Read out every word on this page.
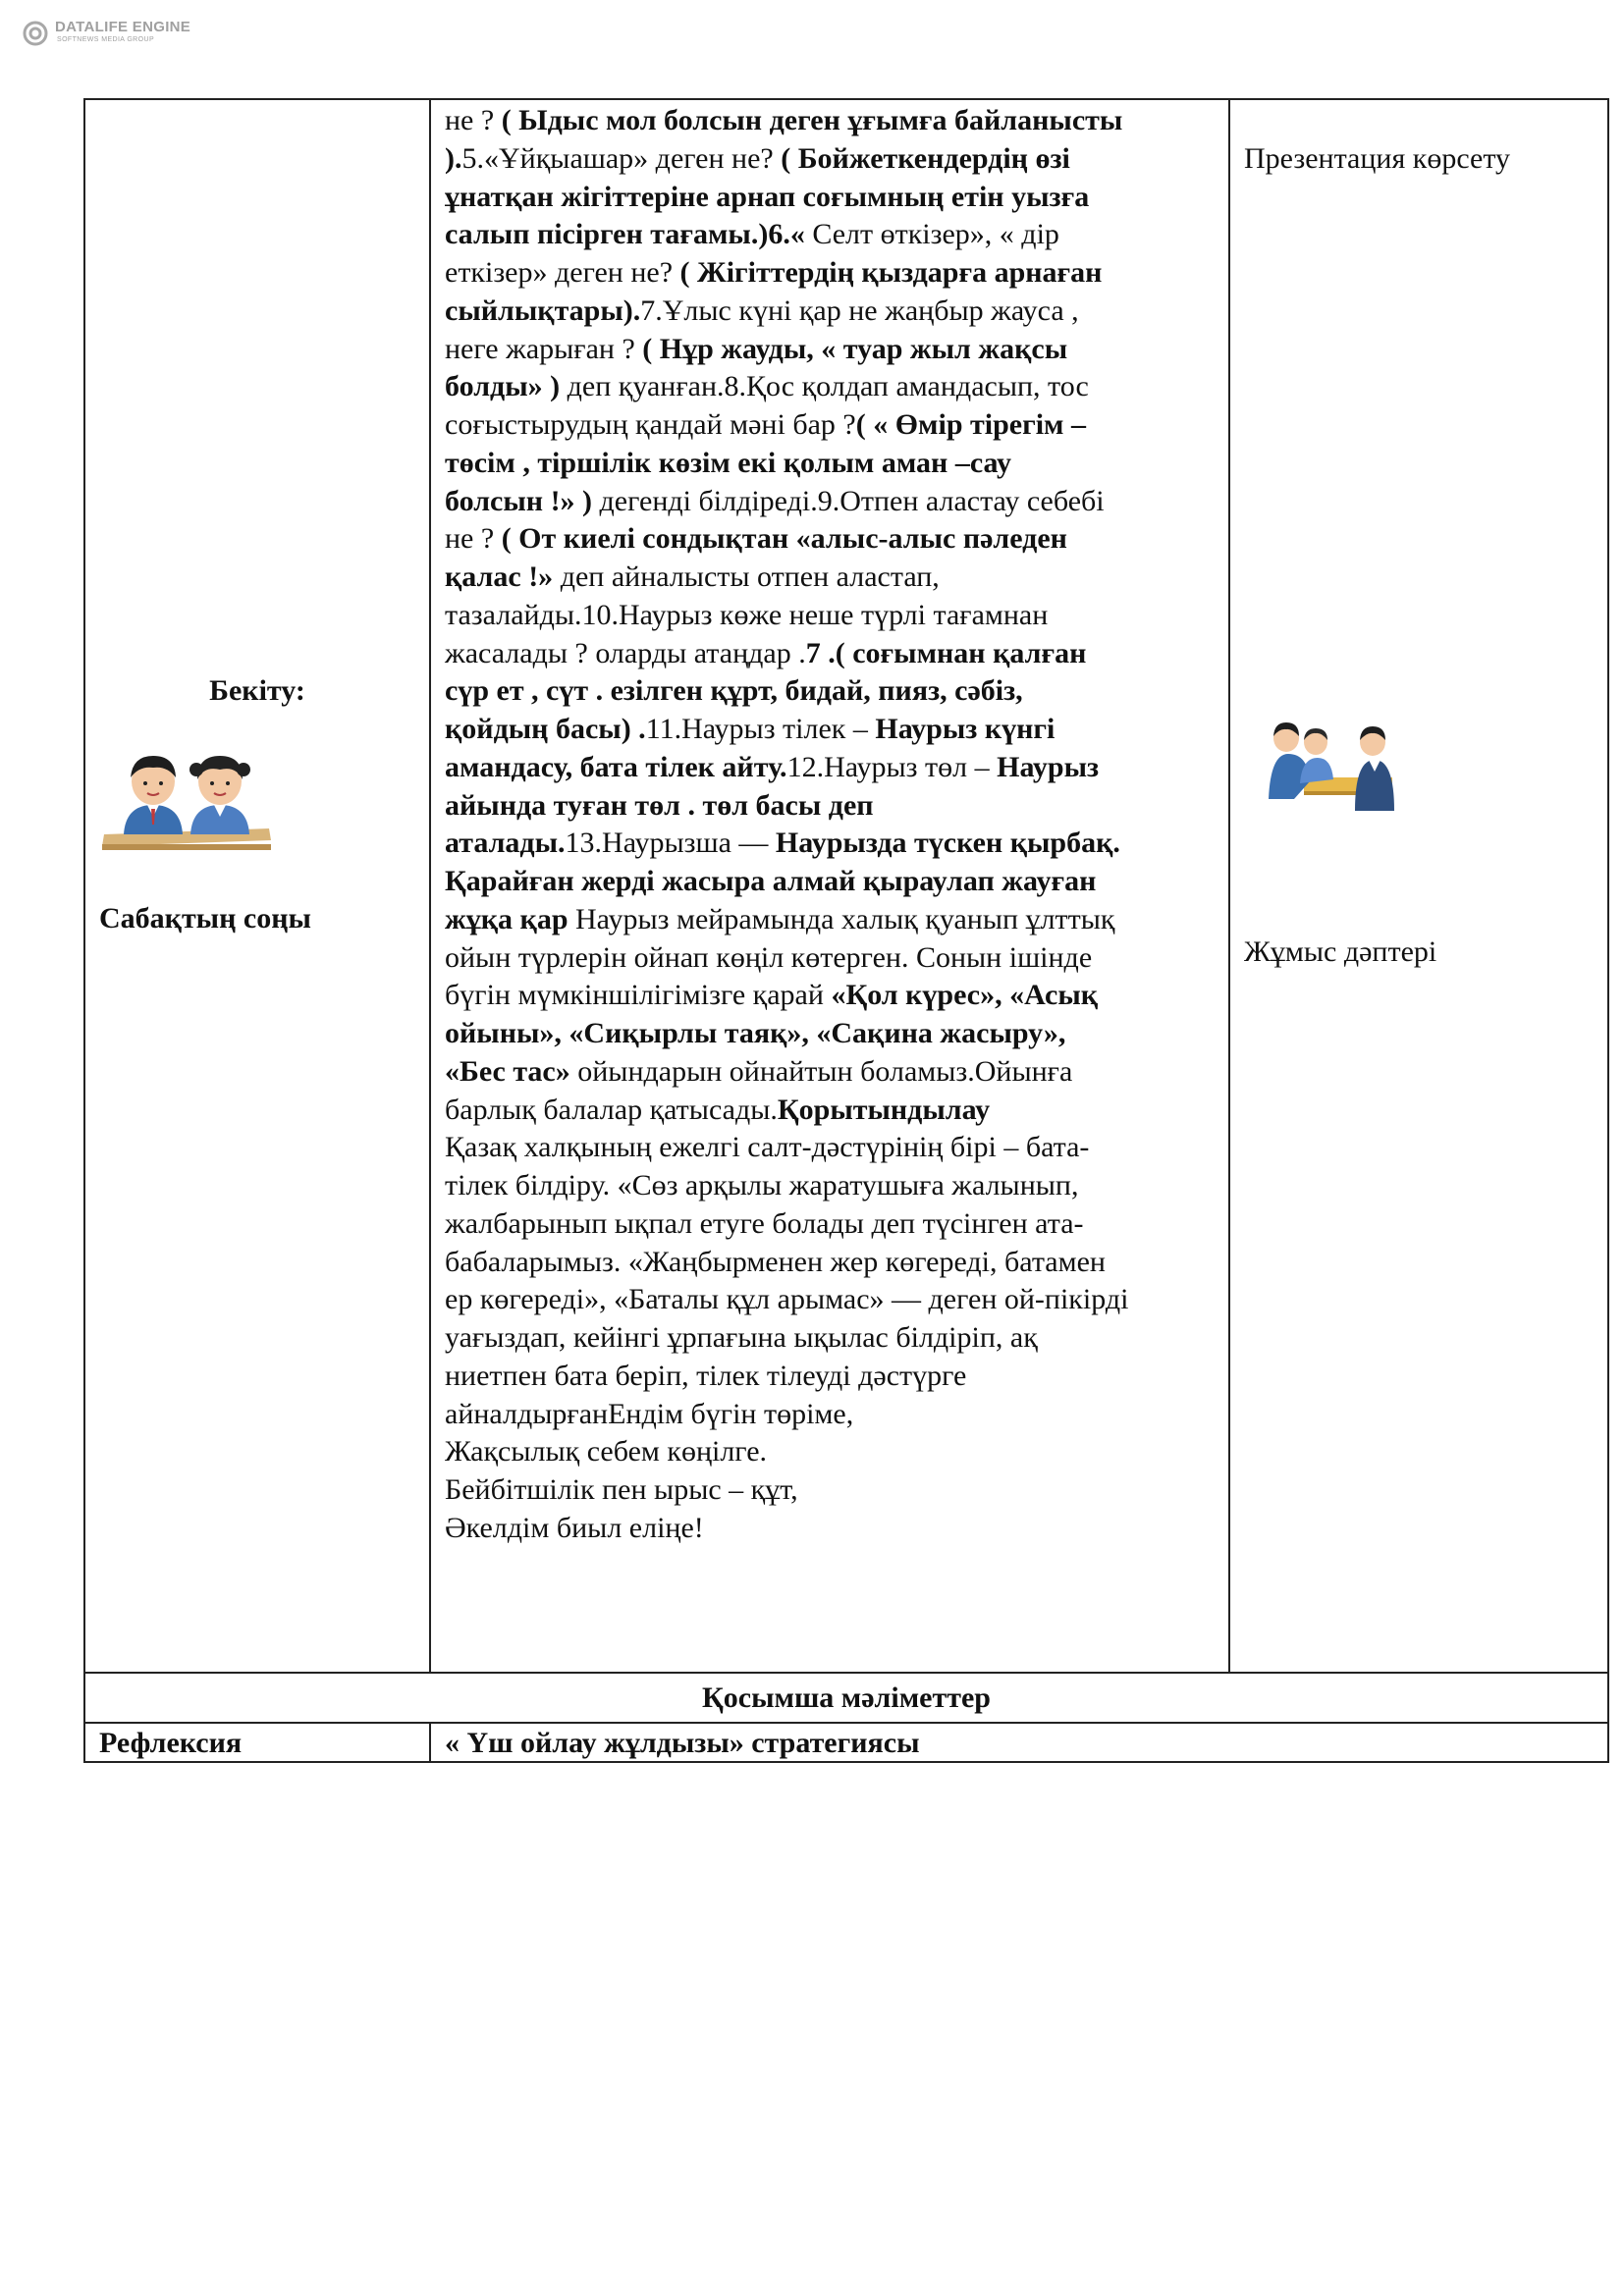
DATALIFE ENGINE
SOFTNEWS MEDIA GROUP
Бекіту:
Сабақтың соңы
не ? ( Ыдыс мол болсын деген ұғымға байланысты
).5.«Ұйқыашар» деген не? ( Бойжеткендердің өзі
ұнатқан жігіттеріне арнап соғымның етін уызға
салып пісірген тағамы.)6.« Селт өткізер», « дір
еткізер» деген не? ( Жігіттердің қыздарға арнаған
сыйлықтары).7.Ұлыс күні қар не жаңбыр жауса ,
неге жарыған ? ( Нұр жауды, « туар жыл жақсы
болды» ) деп қуанған.8.Қос қолдап амандасып, тос
соғыстырудың қандай мәні бар ?( « Өмір тірегім –
төсім , тіршілік көзім екі қолым аман –сау
болсын !» ) дегенді білдіреді.9.Отпен аластау себебі
не ? ( От киелі сондықтан «алыс-алыс пәледен
қалас !» деп айналысты отпен аластап,
тазалайды.10.Наурыз көже неше түрлі тағамнан
жасалады ? оларды атаңдар .7 .( соғымнан қалған
сүр ет , сүт . езілген құрт, бидай, пияз, сәбіз,
қойдың басы) .11.Наурыз тілек – Наурыз күнгі
амандасу, бата тілек айту.12.Наурыз төл – Наурыз
айында туған төл . төл басы деп
аталады.13.Наурызша — Наурызда түскен қырбақ.
Қарайған жерді жасыра алмай қыраулап жауған
жұқа қар Наурыз мейрамында халық қуанып ұлттық
ойын түрлерін ойнап көңіл көтерген. Сонын ішінде
бүгін мүмкіншілігімізге қарай «Қол күрес», «Асық
ойыны», «Сиқырлы таяқ», «Сақина жасыру»,
«Бес тас» ойындарын ойнайтын боламыз.Ойынға
барлық балалар қатысады.Қорытындылау
Қазақ халқының ежелгі салт-дәстүрінің бірі – бата-
тілек білдіру. «Сөз арқылы жаратушыға жалынып,
жалбарынып ықпал етуге болады деп түсінген ата-
бабаларымыз. «Жаңбырменен жер көгереді, батамен
ер көгереді», «Баталы құл арымас» — деген ой-пікірді
уағыздап, кейінгі ұрпағына ықылас білдіріп, ақ
ниетпен бата беріп, тілек тілеуді дәстүрге
айналдырғанЕндім бүгін төріме,
Жақсылық себем көңілге.
Бейбітшілік пен ырыс – құт,
Әкелдім биыл еліңе!
Презентация көрсету
Жұмыс дәптері
Қосымша мәліметтер
Рефлексия	« Үш ойлау жұлдызы» стратегиясы
